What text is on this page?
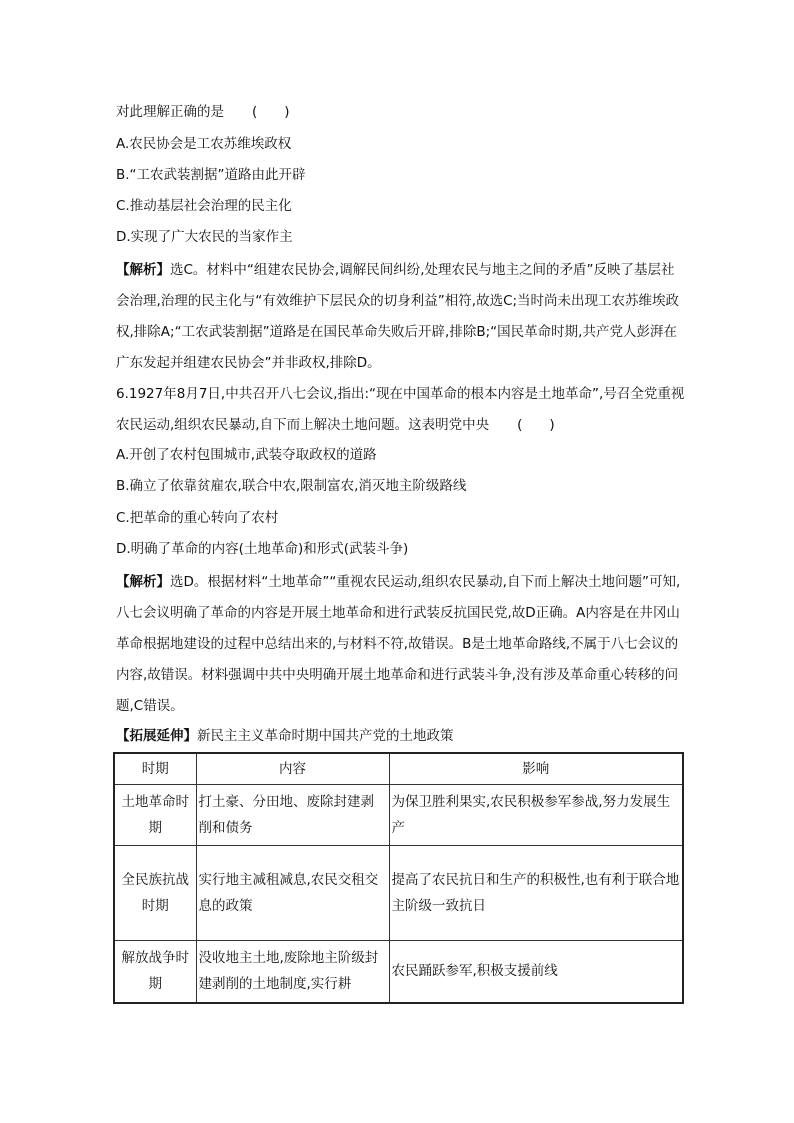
对此理解正确的是 (　　)
A.农民协会是工农苏维埃政权
B.“工农武装割据”道路由此开辟
C.推动基层社会治理的民主化
D.实现了广大农民的当家作主
【解析】选C。材料中“组建农民协会,调解民间纠纷,处理农民与地主之间的矛盾”反映了基层社会治理,治理的民主化与“有效维护下层民众的切身利益”相符,故选C;当时尚未出现工农苏维埃政权,排除A;“工农武装割据”道路是在国民革命失败后开辟,排除B;“国民革命时期,共产党人彭湃在广东发起并组建农民协会”并非政权,排除D。
6.1927年8月7日,中共召开八七会议,指出:“现在中国革命的根本内容是土地革命”,号召全党重视农民运动,组织农民暴动,自下而上解决土地问题。这表明党中央 (　　)
A.开创了农村包围城市,武装夺取政权的道路
B.确立了依靠贫雇农,联合中农,限制富农,消灭地主阶级路线
C.把革命的重心转向了农村
D.明确了革命的内容(土地革命)和形式(武装斗争)
【解析】选D。根据材料“土地革命”“重视农民运动,组织农民暴动,自下而上解决土地问题”可知,八七会议明确了革命的内容是开展土地革命和进行武装反抗国民党,故D正确。A内容是在井冈山革命根据地建设的过程中总结出来的,与材料不符,故错误。B是土地革命路线,不属于八七会议的内容,故错误。材料强调中共中央明确开展土地革命和进行武装斗争,没有涉及革命重心转移的问题,C错误。
【拓展延伸】新民主主义革命时期中国共产党的土地政策
时期	内容	影响
土地革命时期	打土豪、分田地、废除封建剥削和债务	为保卫胜利果实,农民积极参军参战,努力发展生产
全民族抗战时期	实行地主减租减息,农民交租交息的政策	提高了农民抗日和生产的积极性,也有利于联合地主阶级一致抗日
解放战争时期	没收地主土地,废除地主阶级封建剥削的土地制度,实行耕	农民踊跃参军,积极支援前线
